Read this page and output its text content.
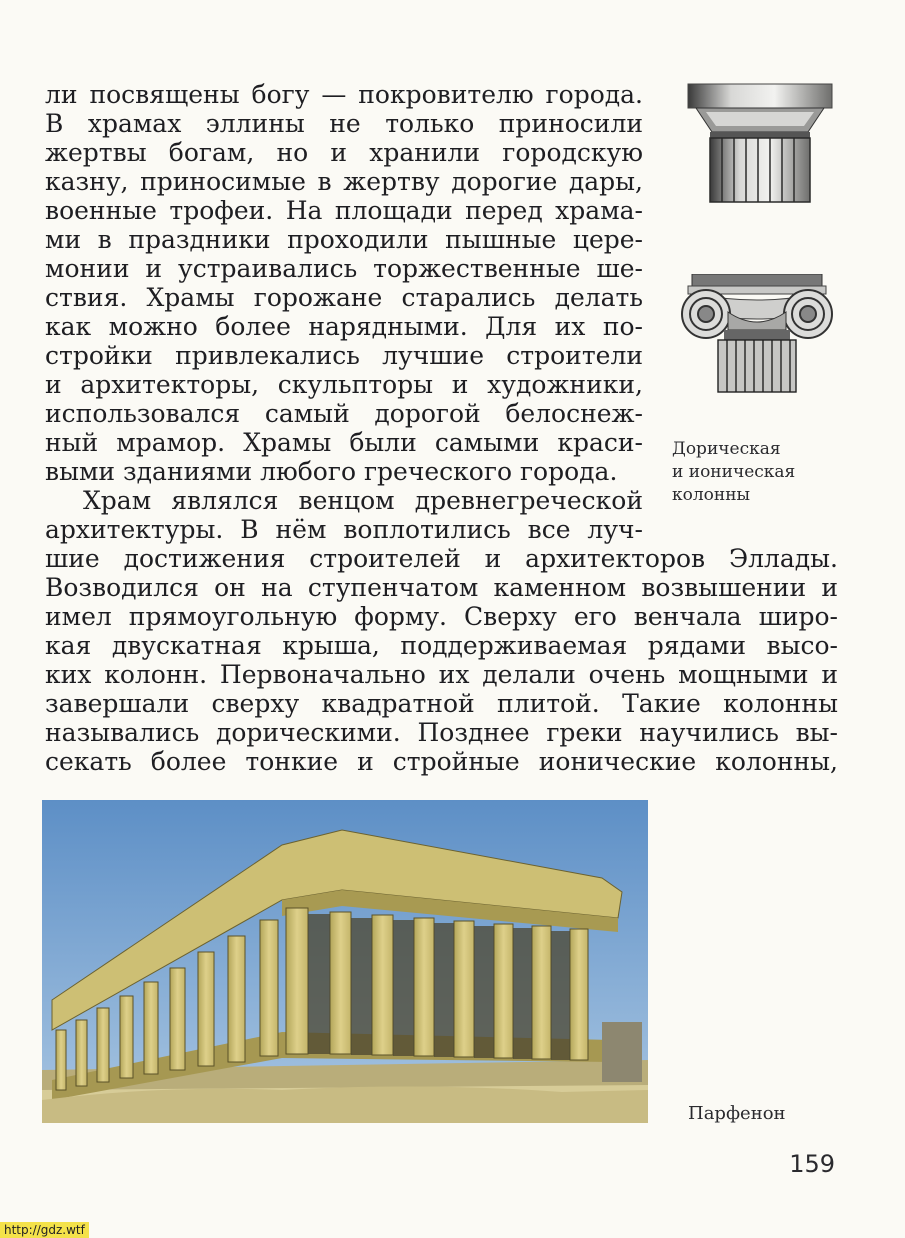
ли посвящены богу — покровителю города.
В храмах эллины не только приносили
жертвы богам, но и хранили городскую
казну, приносимые в жертву дорогие дары,
военные трофеи. На площади перед храма-
ми в праздники проходили пышные цере-
монии и устраивались торжественные ше-
ствия. Храмы горожане старались делать
как можно более нарядными. Для их по-
стройки привлекались лучшие строители
и архитекторы, скульпторы и художники,
использовался самый дорогой белоснеж-
ный мрамор. Храмы были самыми краси-
выми зданиями любого греческого города.
Храм являлся венцом древнегреческой
архитектуры. В нём воплотились все луч-
шие достижения строителей и архитекторов Эллады.
Возводился он на ступенчатом каменном возвышении и
имел прямоугольную форму. Сверху его венчала широ-
кая двускатная крыша, поддерживаемая рядами высо-
ких колонн. Первоначально их делали очень мощными и
завершали сверху квадратной плитой. Такие колонны
назывались дорическими. Позднее греки научились вы-
секать более тонкие и стройные ионические колонны,
Дорическая
и ионическая
колонны
Парфенон
159
http://gdz.wtf
